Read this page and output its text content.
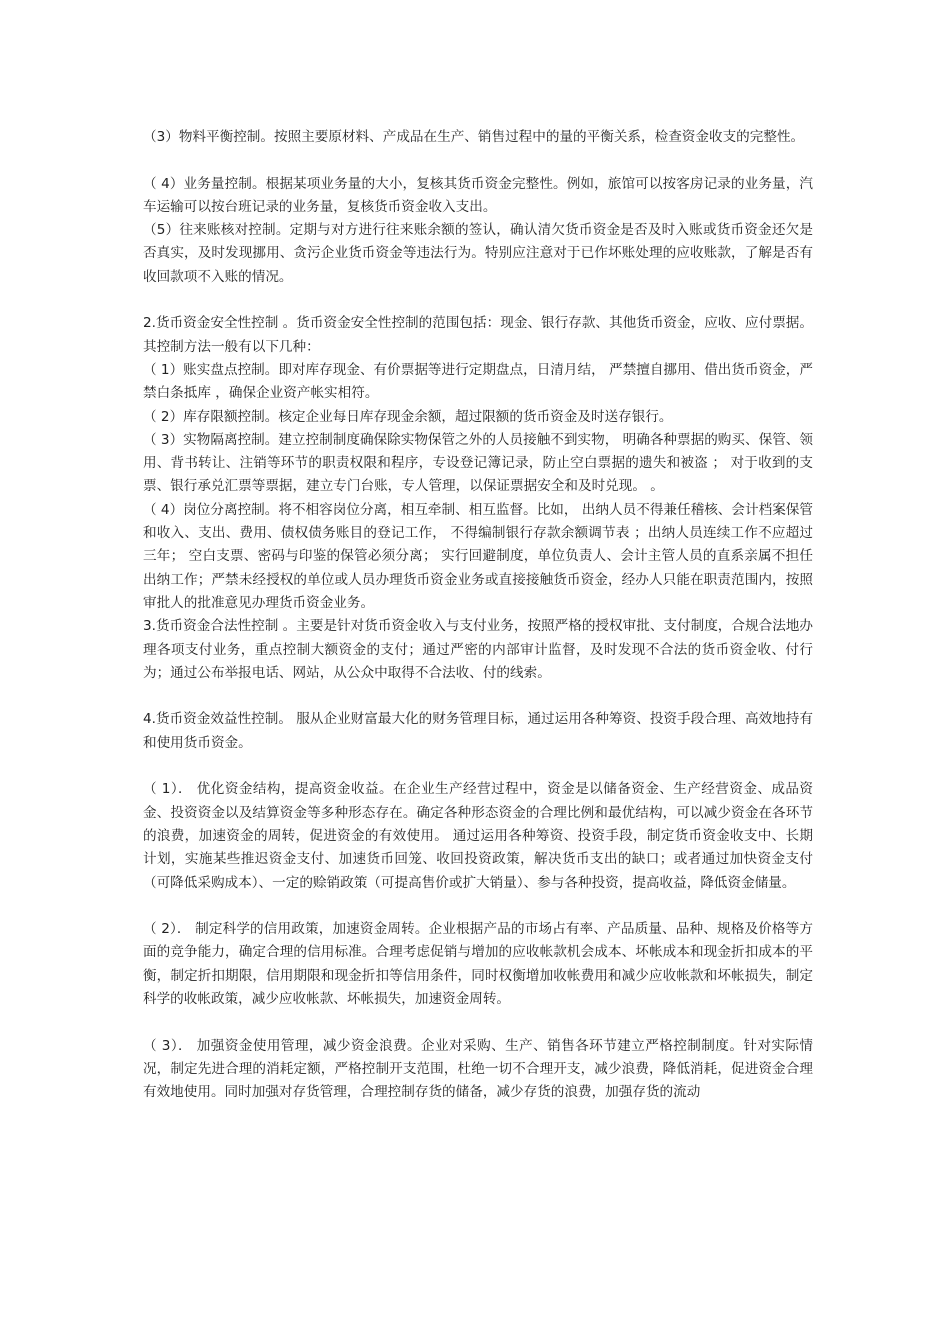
（3）物料平衡控制。按照主要原材料、产成品在生产、销售过程中的量的平衡关系，检查资金收支的完整性。

（ 4）业务量控制。根据某项业务量的大小，复核其货币资金完整性。例如，旅馆可以按客房记录的业务量，汽车运输可以按台班记录的业务量，复核货币资金收入支出。

（5）往来账核对控制。定期与对方进行往来账余额的签认，确认清欠货币资金是否及时入账或货币资金还欠是否真实，及时发现挪用、贪污企业货币资金等违法行为。特别应注意对于已作坏账处理的应收账款，了解是否有收回款项不入账的情况。

2.货币资金安全性控制 。货币资金安全性控制的范围包括：现金、银行存款、其他货币资金，应收、应付票据。其控制方法一般有以下几种：

（ 1）账实盘点控制。即对库存现金、有价票据等进行定期盘点，日清月结， 严禁擅自挪用、借出货币资金，严禁白条抵库 ，确保企业资产帐实相符。

（ 2）库存限额控制。核定企业每日库存现金余额，超过限额的货币资金及时送存银行。

（ 3）实物隔离控制。建立控制制度确保除实物保管之外的人员接触不到实物， 明确各种票据的购买、保管、领用、背书转让、注销等环节的职责权限和程序，专设登记簿记录，防止空白票据的遗失和被盗 ； 对于收到的支票、银行承兑汇票等票据，建立专门台账，专人管理，以保证票据安全和及时兑现。 。

（ 4）岗位分离控制。将不相容岗位分离，相互牵制、相互监督。比如， 出纳人员不得兼任稽核、会计档案保管和收入、支出、费用、债权债务账目的登记工作， 不得编制银行存款余额调节表 ；出纳人员连续工作不应超过三年； 空白支票、密码与印鉴的保管必须分离； 实行回避制度，单位负责人、会计主管人员的直系亲属不担任出纳工作；严禁未经授权的单位或人员办理货币资金业务或直接接触货币资金，经办人只能在职责范围内，按照审批人的批准意见办理货币资金业务。

3.货币资金合法性控制 。主要是针对货币资金收入与支付业务，按照严格的授权审批、支付制度，合规合法地办理各项支付业务，重点控制大额资金的支付；通过严密的内部审计监督，及时发现不合法的货币资金收、付行为；通过公布举报电话、网站，从公众中取得不合法收、付的线索。

4.货币资金效益性控制。 服从企业财富最大化的财务管理目标，通过运用各种筹资、投资手段合理、高效地持有和使用货币资金。

（ 1）． 优化资金结构，提高资金收益。在企业生产经营过程中，资金是以储备资金、生产经营资金、成品资金、投资资金以及结算资金等多种形态存在。确定各种形态资金的合理比例和最优结构，可以减少资金在各环节的浪费，加速资金的周转，促进资金的有效使用。 通过运用各种筹资、投资手段，制定货币资金收支中、长期计划，实施某些推迟资金支付、加速货币回笼、收回投资政策，解决货币支出的缺口；或者通过加快资金支付（可降低采购成本）、一定的赊销政策（可提高售价或扩大销量）、参与各种投资，提高收益，降低资金储量。

（ 2）． 制定科学的信用政策，加速资金周转。企业根据产品的市场占有率、产品质量、品种、规格及价格等方面的竞争能力，确定合理的信用标准。合理考虑促销与增加的应收帐款机会成本、坏帐成本和现金折扣成本的平衡，制定折扣期限，信用期限和现金折扣等信用条件，同时权衡增加收帐费用和减少应收帐款和坏帐损失，制定科学的收帐政策，减少应收帐款、坏帐损失，加速资金周转。

（ 3）． 加强资金使用管理，减少资金浪费。企业对采购、生产、销售各环节建立严格控制制度。针对实际情况，制定先进合理的消耗定额，严格控制开支范围，杜绝一切不合理开支，减少浪费，降低消耗，促进资金合理有效地使用。同时加强对存货管理，合理控制存货的储备，减少存货的浪费，加强存货的流动
